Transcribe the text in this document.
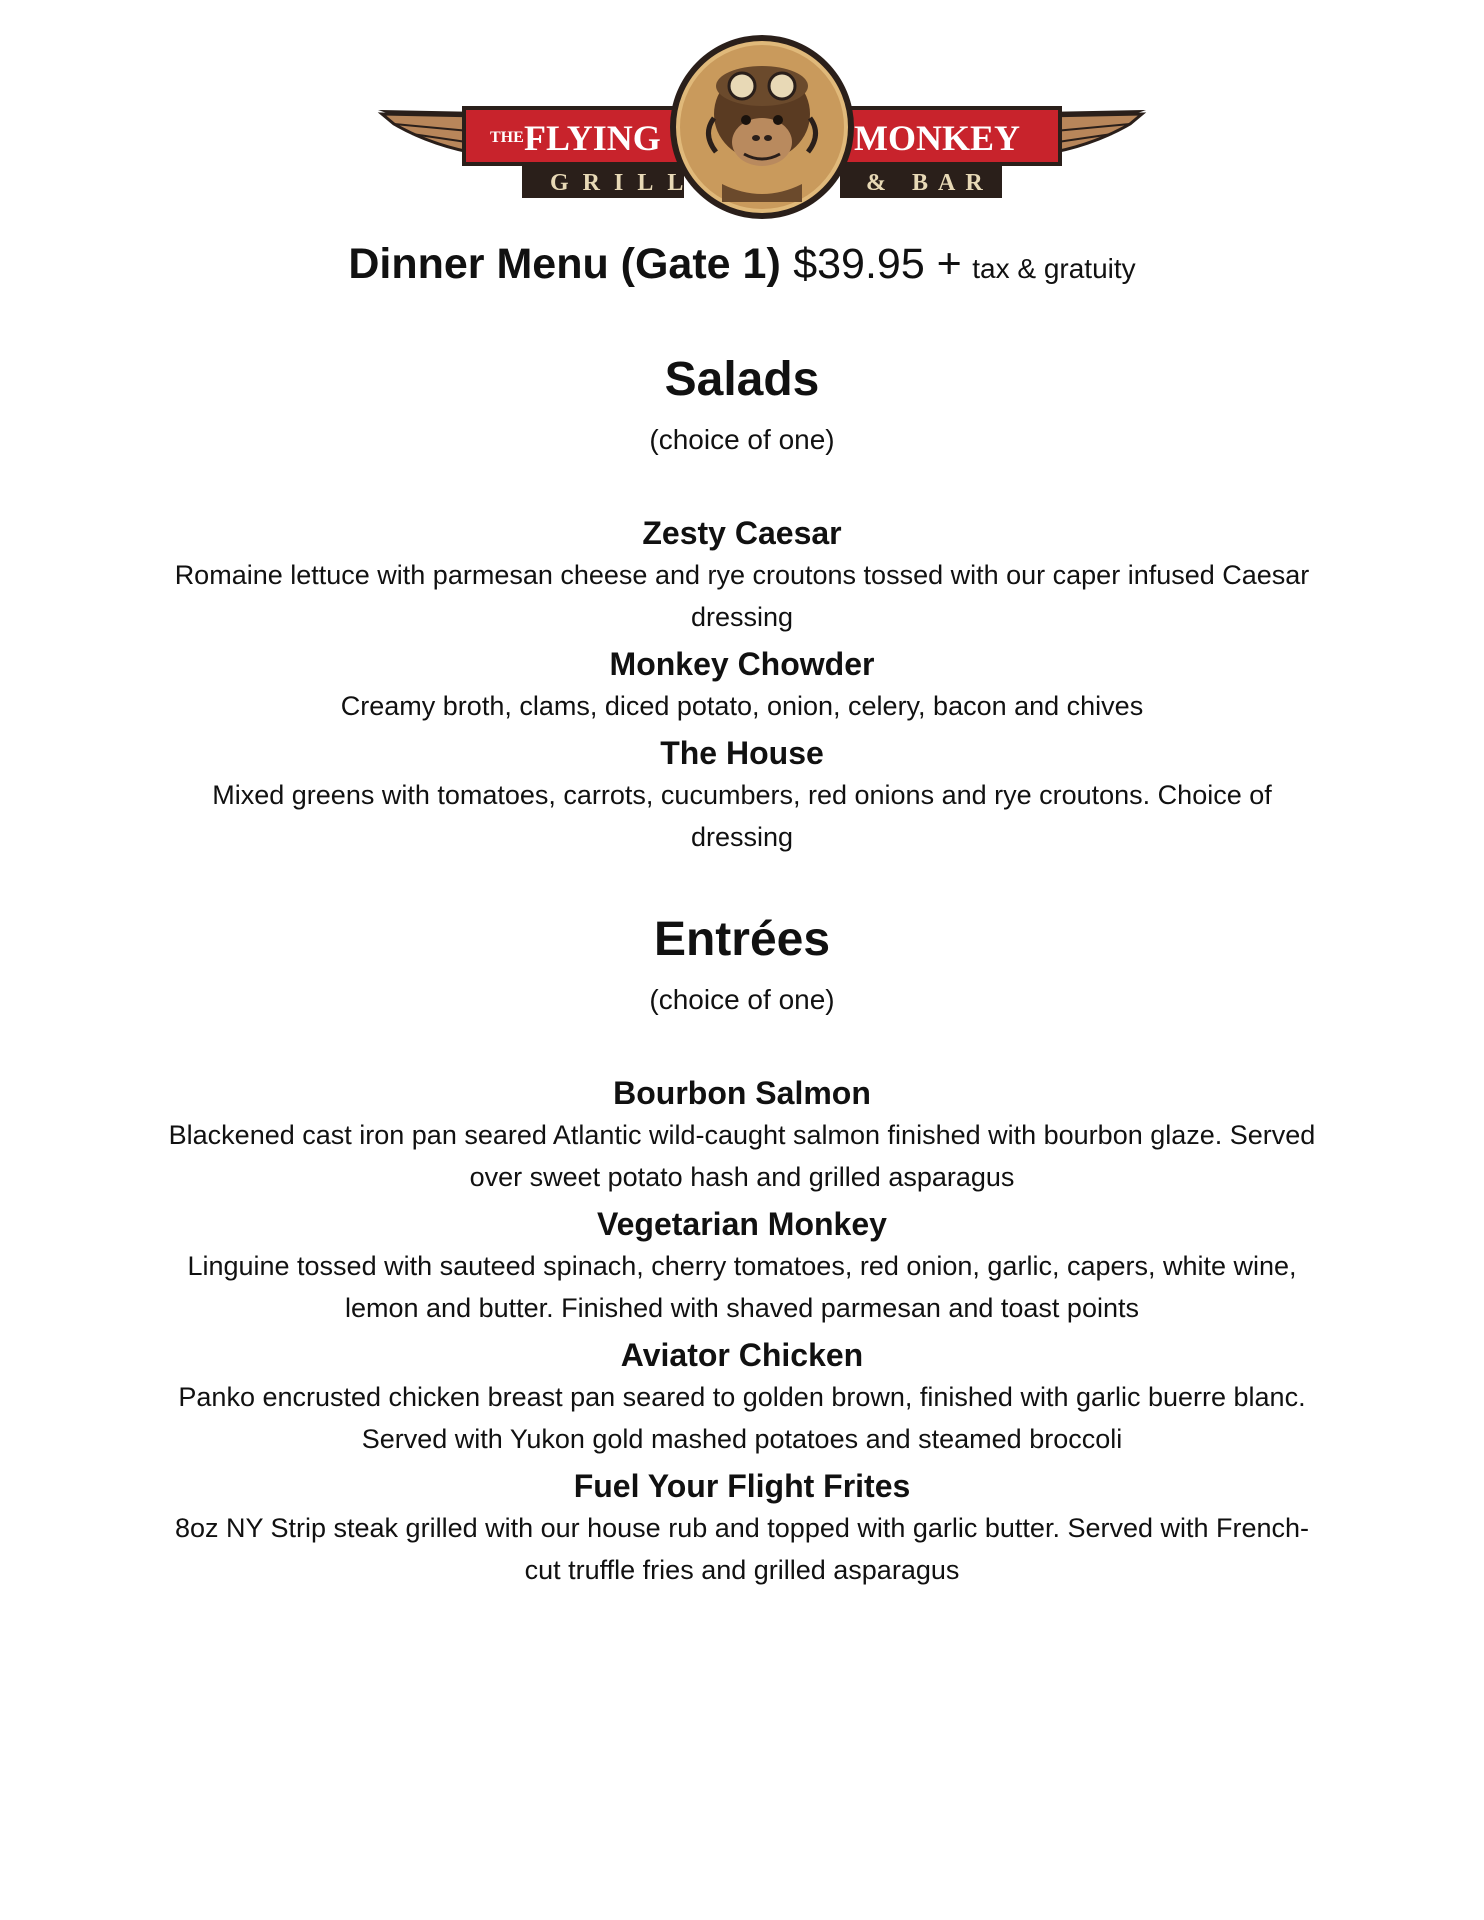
THE FLYING	MONKEY
GRILL	& BAR
Dinner Menu (Gate 1) $39.95 + tax & gratuity
Salads
(choice of one)
Zesty Caesar
Romaine lettuce with parmesan cheese and rye croutons tossed with our caper infused Caesar dressing
Monkey Chowder
Creamy broth, clams, diced potato, onion, celery, bacon and chives
The House
Mixed greens with tomatoes, carrots, cucumbers, red onions and rye croutons. Choice of dressing
Entrées
(choice of one)
Bourbon Salmon
Blackened cast iron pan seared Atlantic wild-caught salmon finished with bourbon glaze. Served over sweet potato hash and grilled asparagus
Vegetarian Monkey
Linguine tossed with sauteed spinach, cherry tomatoes, red onion, garlic, capers, white wine, lemon and butter. Finished with shaved parmesan and toast points
Aviator Chicken
Panko encrusted chicken breast pan seared to golden brown, finished with garlic buerre blanc. Served with Yukon gold mashed potatoes and steamed broccoli
Fuel Your Flight Frites
8oz NY Strip steak grilled with our house rub and topped with garlic butter. Served with French-cut truffle fries and grilled asparagus
